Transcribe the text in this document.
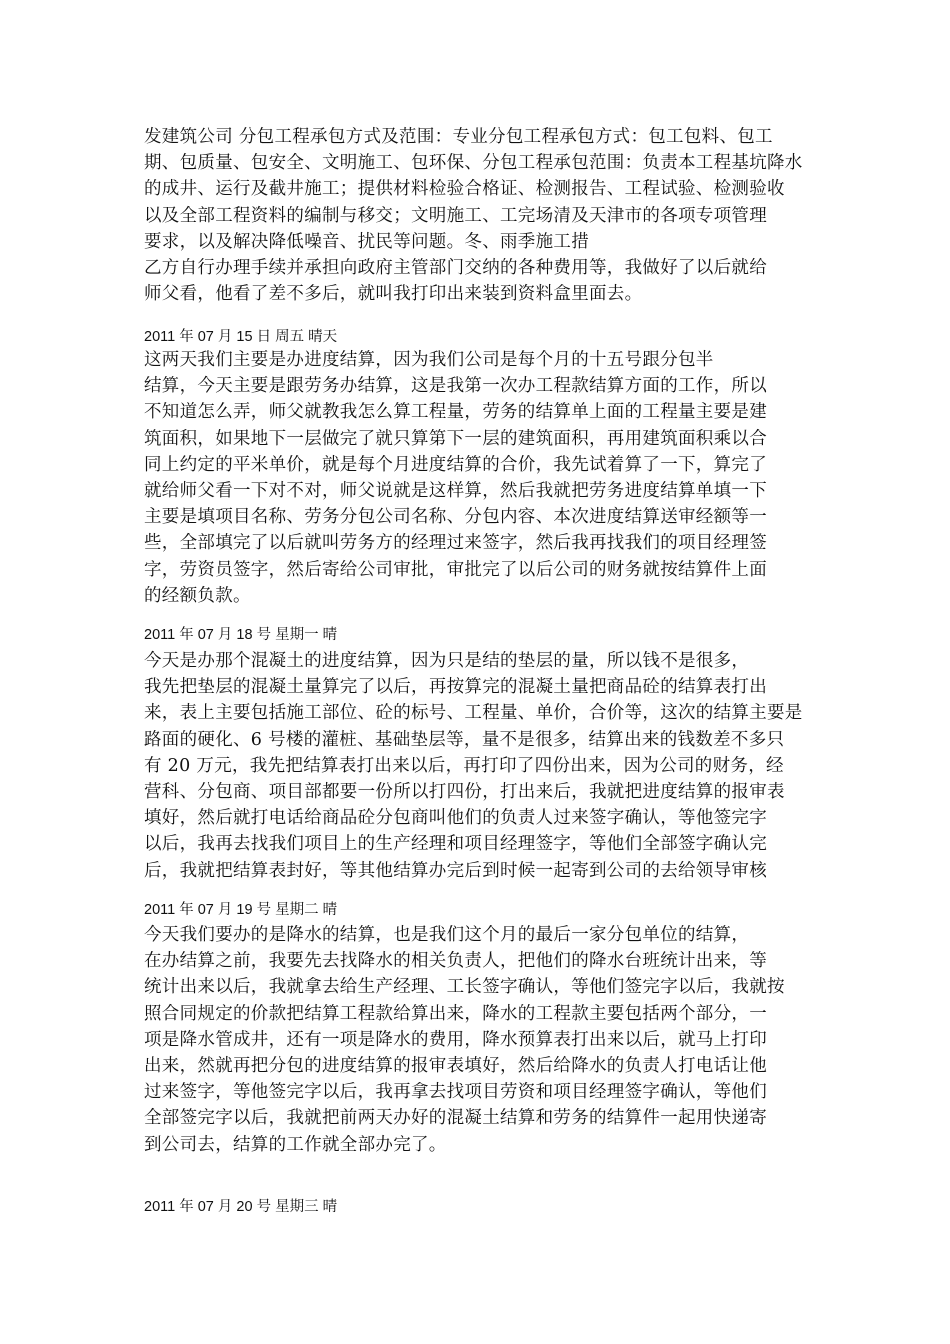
发建筑公司 分包工程承包方式及范围：专业分包工程承包方式：包工包料、包工
期、包质量、包安全、文明施工、包环保、分包工程承包范围：负责本工程基坑降水
的成井、运行及截井施工；提供材料检验合格证、检测报告、工程试验、检测验收
以及全部工程资料的编制与移交；文明施工、工完场清及天津市的各项专项管理
要求，以及解决降低噪音、扰民等问题。冬、雨季施工措

乙方自行办理手续并承担向政府主管部门交纳的各种费用等，我做好了以后就给
师父看，他看了差不多后，就叫我打印出来装到资料盒里面去。

2011 年 07 月 15 日 周五 晴天

这两天我们主要是办进度结算，因为我们公司是每个月的十五号跟分包半
结算，今天主要是跟劳务办结算，这是我第一次办工程款结算方面的工作，所以
不知道怎么弄，师父就教我怎么算工程量，劳务的结算单上面的工程量主要是建
筑面积，如果地下一层做完了就只算第下一层的建筑面积，再用建筑面积乘以合
同上约定的平米单价，就是每个月进度结算的合价，我先试着算了一下，算完了
就给师父看一下对不对，师父说就是这样算，然后我就把劳务进度结算单填一下
主要是填项目名称、劳务分包公司名称、分包内容、本次进度结算送审经额等一
些，全部填完了以后就叫劳务方的经理过来签字，然后我再找我们的项目经理签
字，劳资员签字，然后寄给公司审批，审批完了以后公司的财务就按结算件上面
的经额负款。

2011 年 07 月 18 号 星期一 晴

今天是办那个混凝土的进度结算，因为只是结的垫层的量，所以钱不是很多，
我先把垫层的混凝土量算完了以后，再按算完的混凝土量把商品砼的结算表打出
来，表上主要包括施工部位、砼的标号、工程量、单价，合价等，这次的结算主要是
路面的硬化、6 号楼的灌桩、基础垫层等，量不是很多，结算出来的钱数差不多只
有 20 万元，我先把结算表打出来以后，再打印了四份出来，因为公司的财务，经
营科、分包商、项目部都要一份所以打四份，打出来后，我就把进度结算的报审表
填好，然后就打电话给商品砼分包商叫他们的负责人过来签字确认，等他签完字
以后，我再去找我们项目上的生产经理和项目经理签字，等他们全部签字确认完
后，我就把结算表封好，等其他结算办完后到时候一起寄到公司的去给领导审核

2011 年 07 月 19 号 星期二 晴

今天我们要办的是降水的结算，也是我们这个月的最后一家分包单位的结算，
在办结算之前，我要先去找降水的相关负责人，把他们的降水台班统计出来，等
统计出来以后，我就拿去给生产经理、工长签字确认，等他们签完字以后，我就按
照合同规定的价款把结算工程款给算出来，降水的工程款主要包括两个部分，一
项是降水管成井，还有一项是降水的费用，降水预算表打出来以后，就马上打印
出来，然就再把分包的进度结算的报审表填好，然后给降水的负责人打电话让他
过来签字，等他签完字以后，我再拿去找项目劳资和项目经理签字确认，等他们
全部签完字以后，我就把前两天办好的混凝土结算和劳务的结算件一起用快递寄
到公司去，结算的工作就全部办完了。

2011 年 07 月 20 号 星期三 晴
